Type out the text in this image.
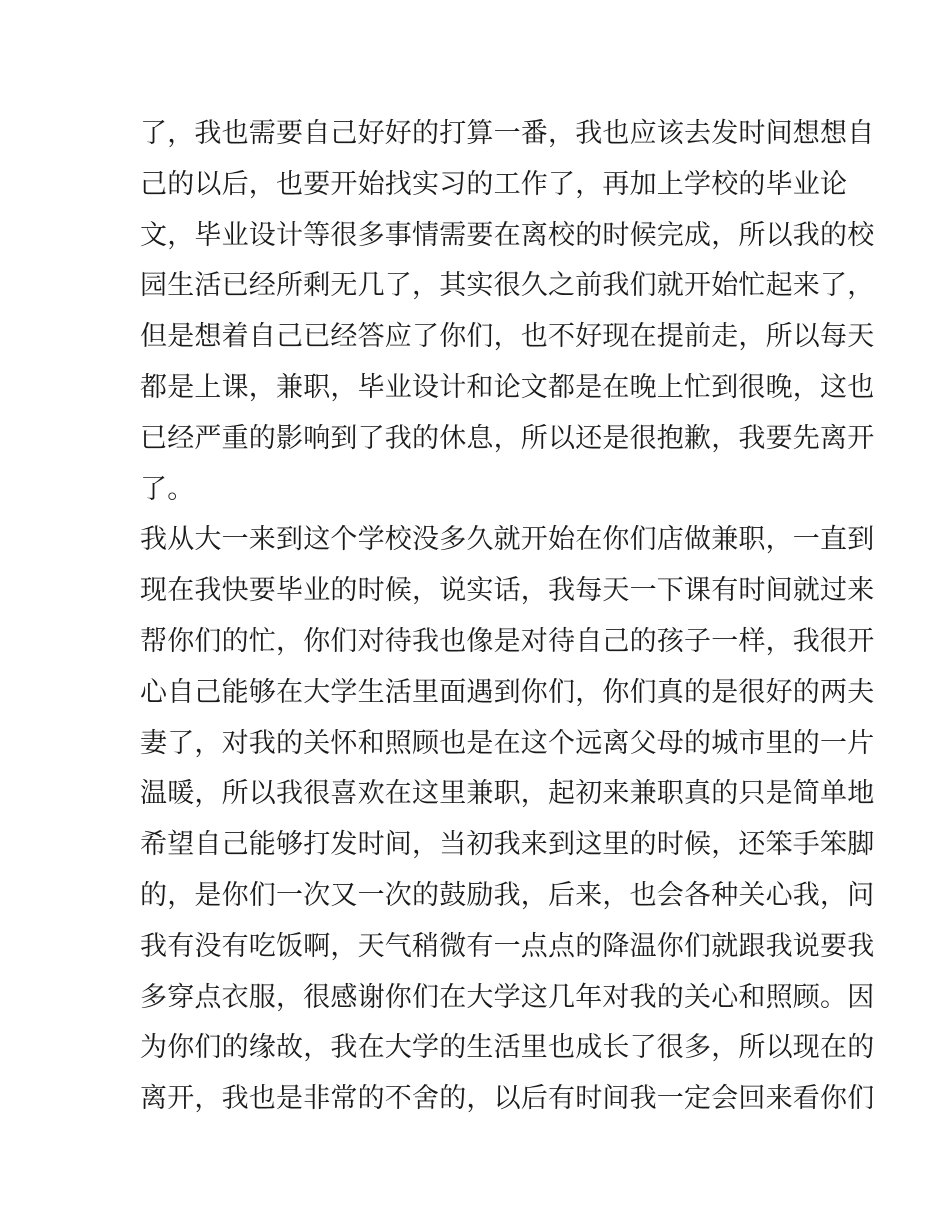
了，我也需要自己好好的打算一番，我也应该去发时间想想自
己的以后，也要开始找实习的工作了，再加上学校的毕业论
文，毕业设计等很多事情需要在离校的时候完成，所以我的校
园生活已经所剩无几了，其实很久之前我们就开始忙起来了，
但是想着自己已经答应了你们，也不好现在提前走，所以每天
都是上课，兼职，毕业设计和论文都是在晚上忙到很晚，这也
已经严重的影响到了我的休息，所以还是很抱歉，我要先离开
了。
我从大一来到这个学校没多久就开始在你们店做兼职，一直到
现在我快要毕业的时候，说实话，我每天一下课有时间就过来
帮你们的忙，你们对待我也像是对待自己的孩子一样，我很开
心自己能够在大学生活里面遇到你们，你们真的是很好的两夫
妻了，对我的关怀和照顾也是在这个远离父母的城市里的一片
温暖，所以我很喜欢在这里兼职，起初来兼职真的只是简单地
希望自己能够打发时间，当初我来到这里的时候，还笨手笨脚
的，是你们一次又一次的鼓励我，后来，也会各种关心我，问
我有没有吃饭啊，天气稍微有一点点的降温你们就跟我说要我
多穿点衣服，很感谢你们在大学这几年对我的关心和照顾。因
为你们的缘故，我在大学的生活里也成长了很多，所以现在的
离开，我也是非常的不舍的，以后有时间我一定会回来看你们
